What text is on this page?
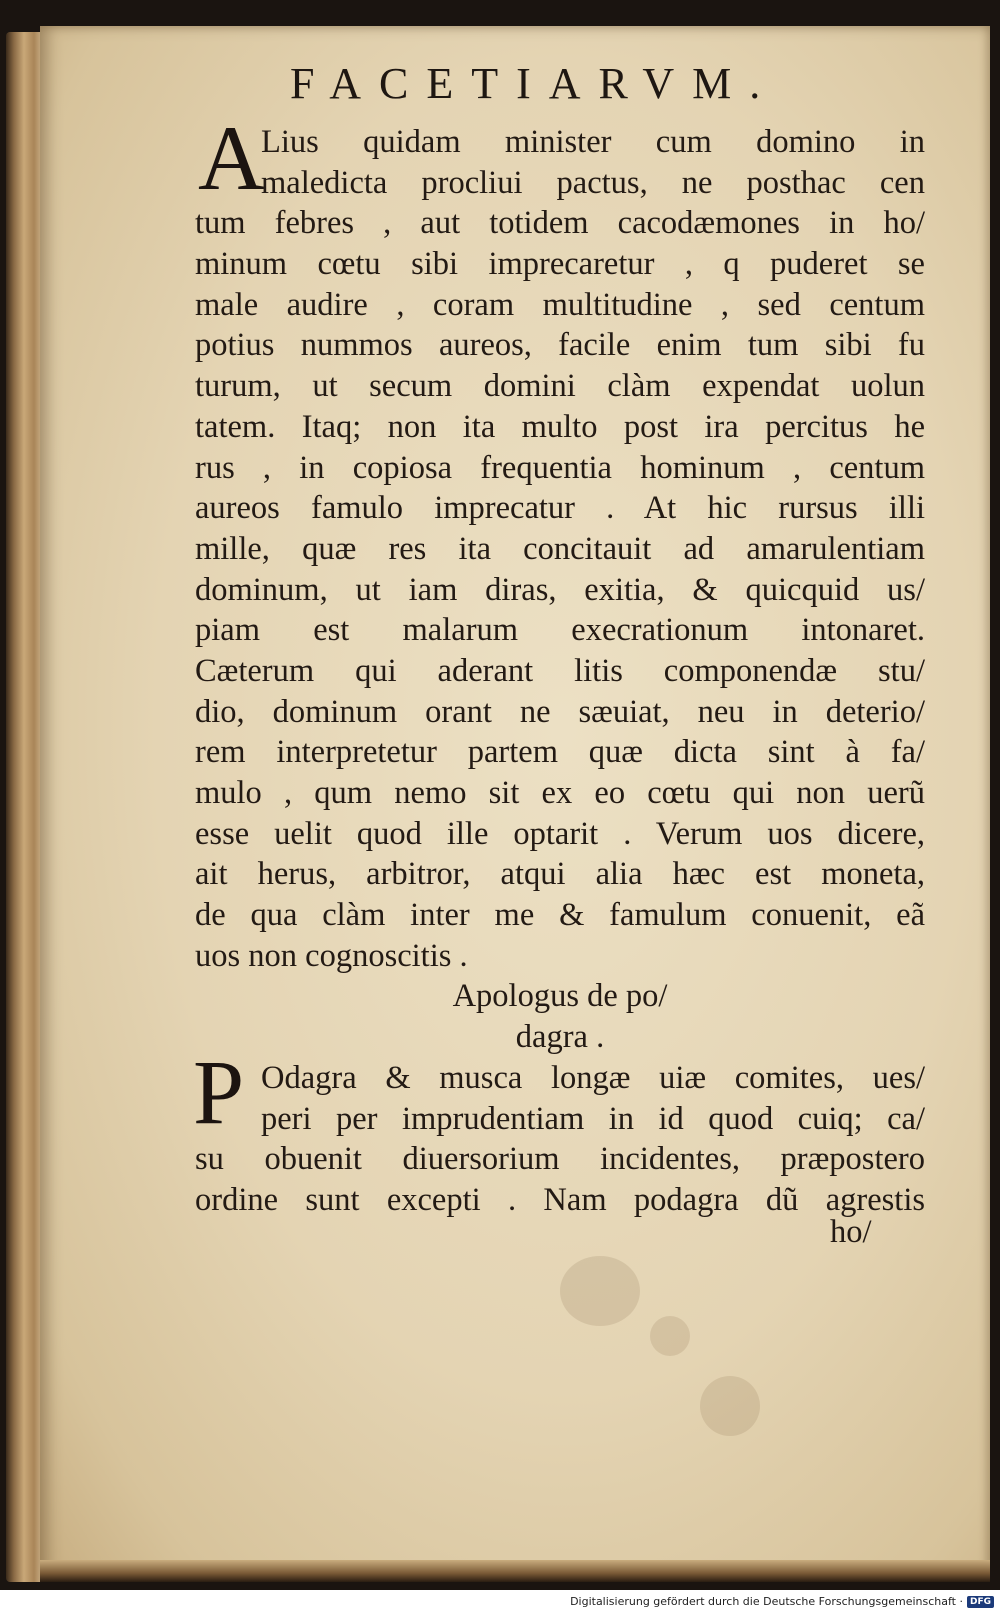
FACETIARVM.
A
Lius quidam minister cum domino in
maledicta procliui pactus, ne posthac cen
tum febres , aut totidem cacodæmones in ho/
minum cœtu sibi imprecaretur , q puderet se
male audire , coram multitudine , sed centum
potius nummos aureos, facile enim tum sibi fu
turum, ut secum domini clàm expendat uolun
tatem. Itaq; non ita multo post ira percitus he
rus , in copiosa frequentia hominum , centum
aureos famulo imprecatur . At hic rursus illi
mille, quæ res ita concitauit ad amarulentiam
dominum, ut iam diras, exitia, & quicquid us/
piam est malarum execrationum intonaret.
Cæterum qui aderant litis componendæ stu/
dio, dominum orant ne sæuiat, neu in deterio/
rem interpretetur partem quæ dicta sint à fa/
mulo , qum nemo sit ex eo cœtu qui non uerũ
esse uelit quod ille optarit . Verum uos dicere,
ait herus, arbitror, atqui alia hæc est moneta,
de qua clàm inter me & famulum conuenit, eã
uos non cognoscitis .
Apologus de po/
dagra .
Odagra & musca longæ uiæ comites, ues/
peri per imprudentiam in id quod cuiq; ca/
su obuenit diuersorium incidentes, præpostero
ordine sunt excepti . Nam podagra dũ agrestis
P
ho/
Digitalisierung gefördert durch die Deutsche Forschungsgemeinschaft · DFG
